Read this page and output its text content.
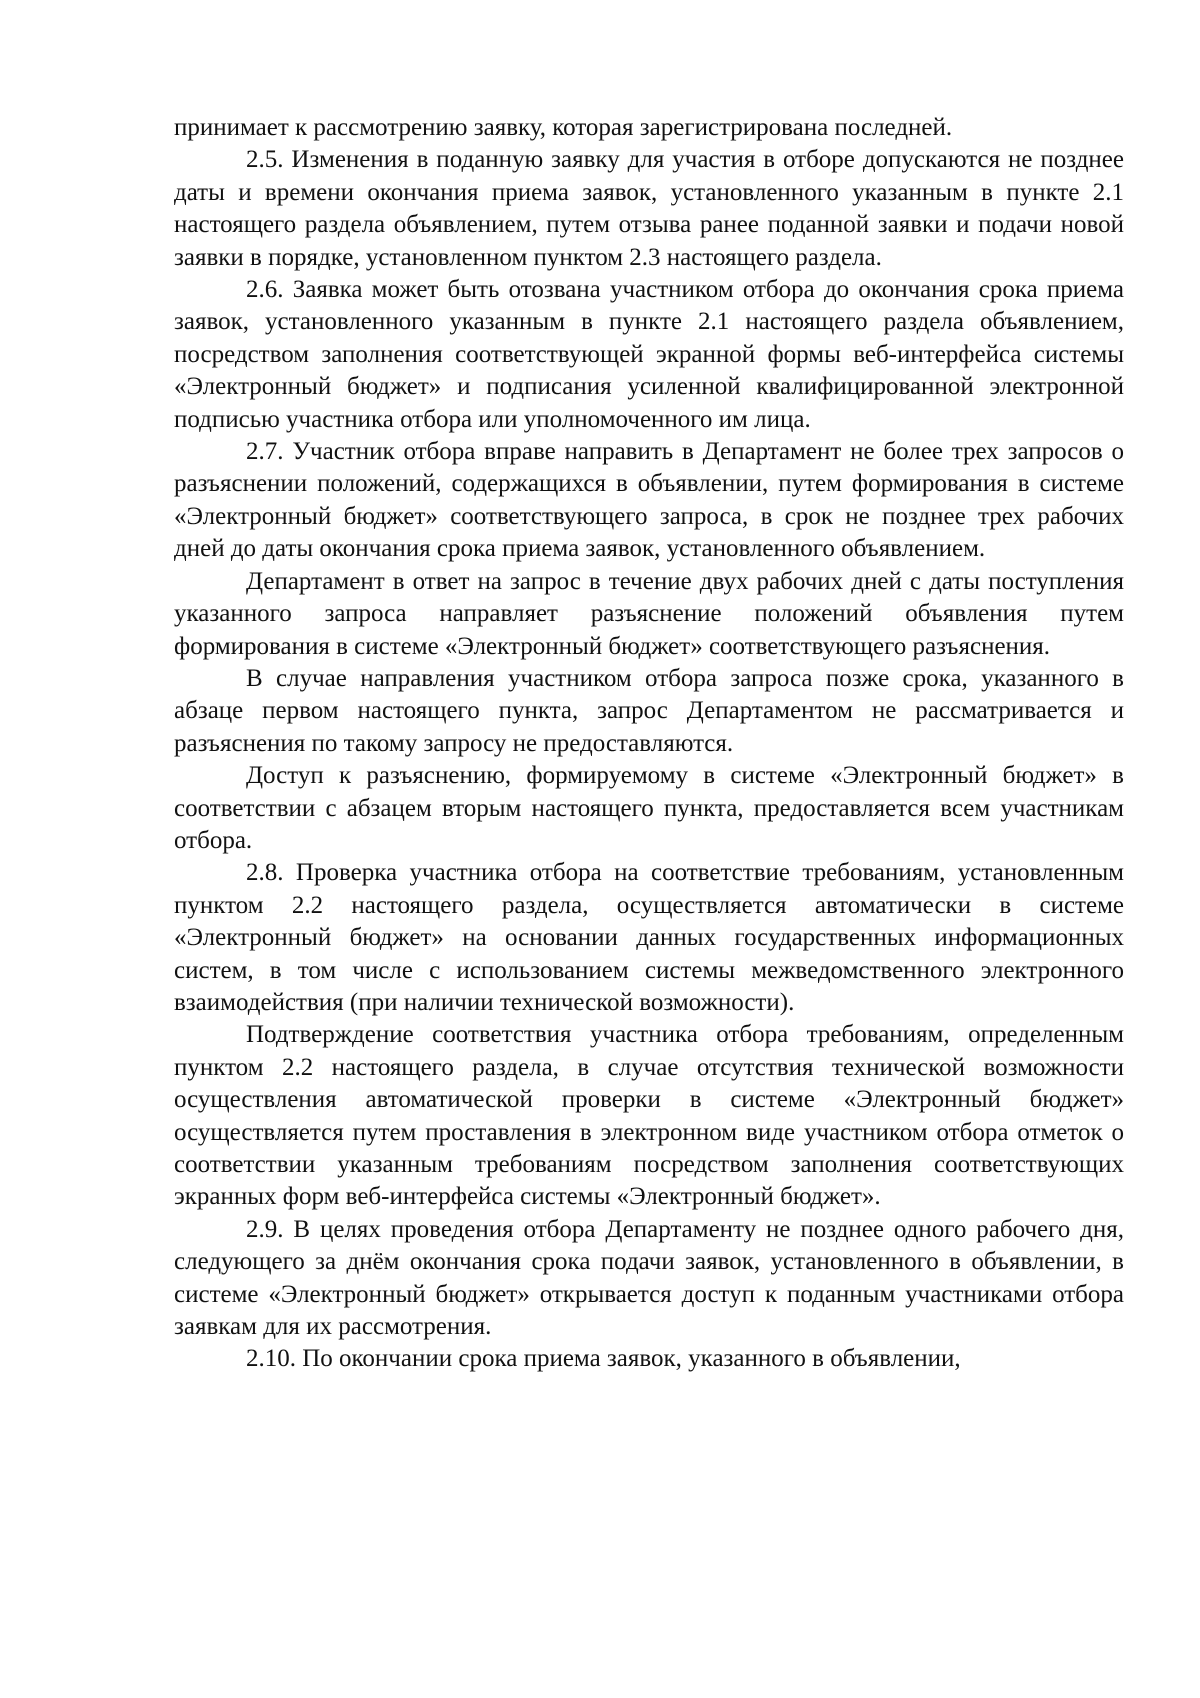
принимает к рассмотрению заявку, которая зарегистрирована последней.

2.5. Изменения в поданную заявку для участия в отборе допускаются не позднее даты и времени окончания приема заявок, установленного указанным в пункте 2.1 настоящего раздела объявлением, путем отзыва ранее поданной заявки и подачи новой заявки в порядке, установленном пунктом 2.3 настоящего раздела.

2.6. Заявка может быть отозвана участником отбора до окончания срока приема заявок, установленного указанным в пункте 2.1 настоящего раздела объявлением, посредством заполнения соответствующей экранной формы веб-интерфейса системы «Электронный бюджет» и подписания усиленной квалифицированной электронной подписью участника отбора или уполномоченного им лица.

2.7. Участник отбора вправе направить в Департамент не более трех запросов о разъяснении положений, содержащихся в объявлении, путем формирования в системе «Электронный бюджет» соответствующего запроса, в срок не позднее трех рабочих дней до даты окончания срока приема заявок, установленного объявлением.

Департамент в ответ на запрос в течение двух рабочих дней с даты поступления указанного запроса направляет разъяснение положений объявления путем формирования в системе «Электронный бюджет» соответствующего разъяснения.

В случае направления участником отбора запроса позже срока, указанного в абзаце первом настоящего пункта, запрос Департаментом не рассматривается и разъяснения по такому запросу не предоставляются.

Доступ к разъяснению, формируемому в системе «Электронный бюджет» в соответствии с абзацем вторым настоящего пункта, предоставляется всем участникам отбора.

2.8. Проверка участника отбора на соответствие требованиям, установленным пунктом 2.2 настоящего раздела, осуществляется автоматически в системе «Электронный бюджет» на основании данных государственных информационных систем, в том числе с использованием системы межведомственного электронного взаимодействия (при наличии технической возможности).

Подтверждение соответствия участника отбора требованиям, определенным пунктом 2.2 настоящего раздела, в случае отсутствия технической возможности осуществления автоматической проверки в системе «Электронный бюджет» осуществляется путем проставления в электронном виде участником отбора отметок о соответствии указанным требованиям посредством заполнения соответствующих экранных форм веб-интерфейса системы «Электронный бюджет».

2.9. В целях проведения отбора Департаменту не позднее одного рабочего дня, следующего за днём окончания срока подачи заявок, установленного в объявлении, в системе «Электронный бюджет» открывается доступ к поданным участниками отбора заявкам для их рассмотрения.

2.10. По окончании срока приема заявок, указанного в объявлении,
